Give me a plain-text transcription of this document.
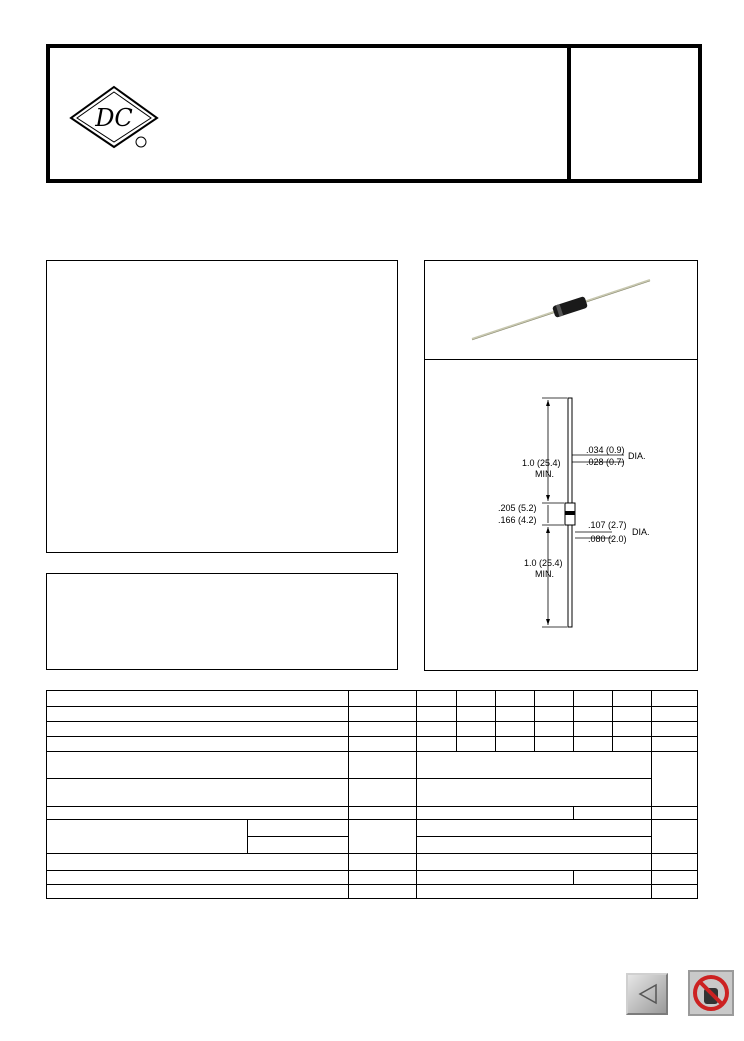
DC
1.0 (25.4)
MIN.
.034 (0.9)
.028 (0.7)
DIA.
.205 (5.2)
.166 (4.2)	.107 (2.7)
.080 (2.0)
DIA.
1.0 (25.4)
MIN.
